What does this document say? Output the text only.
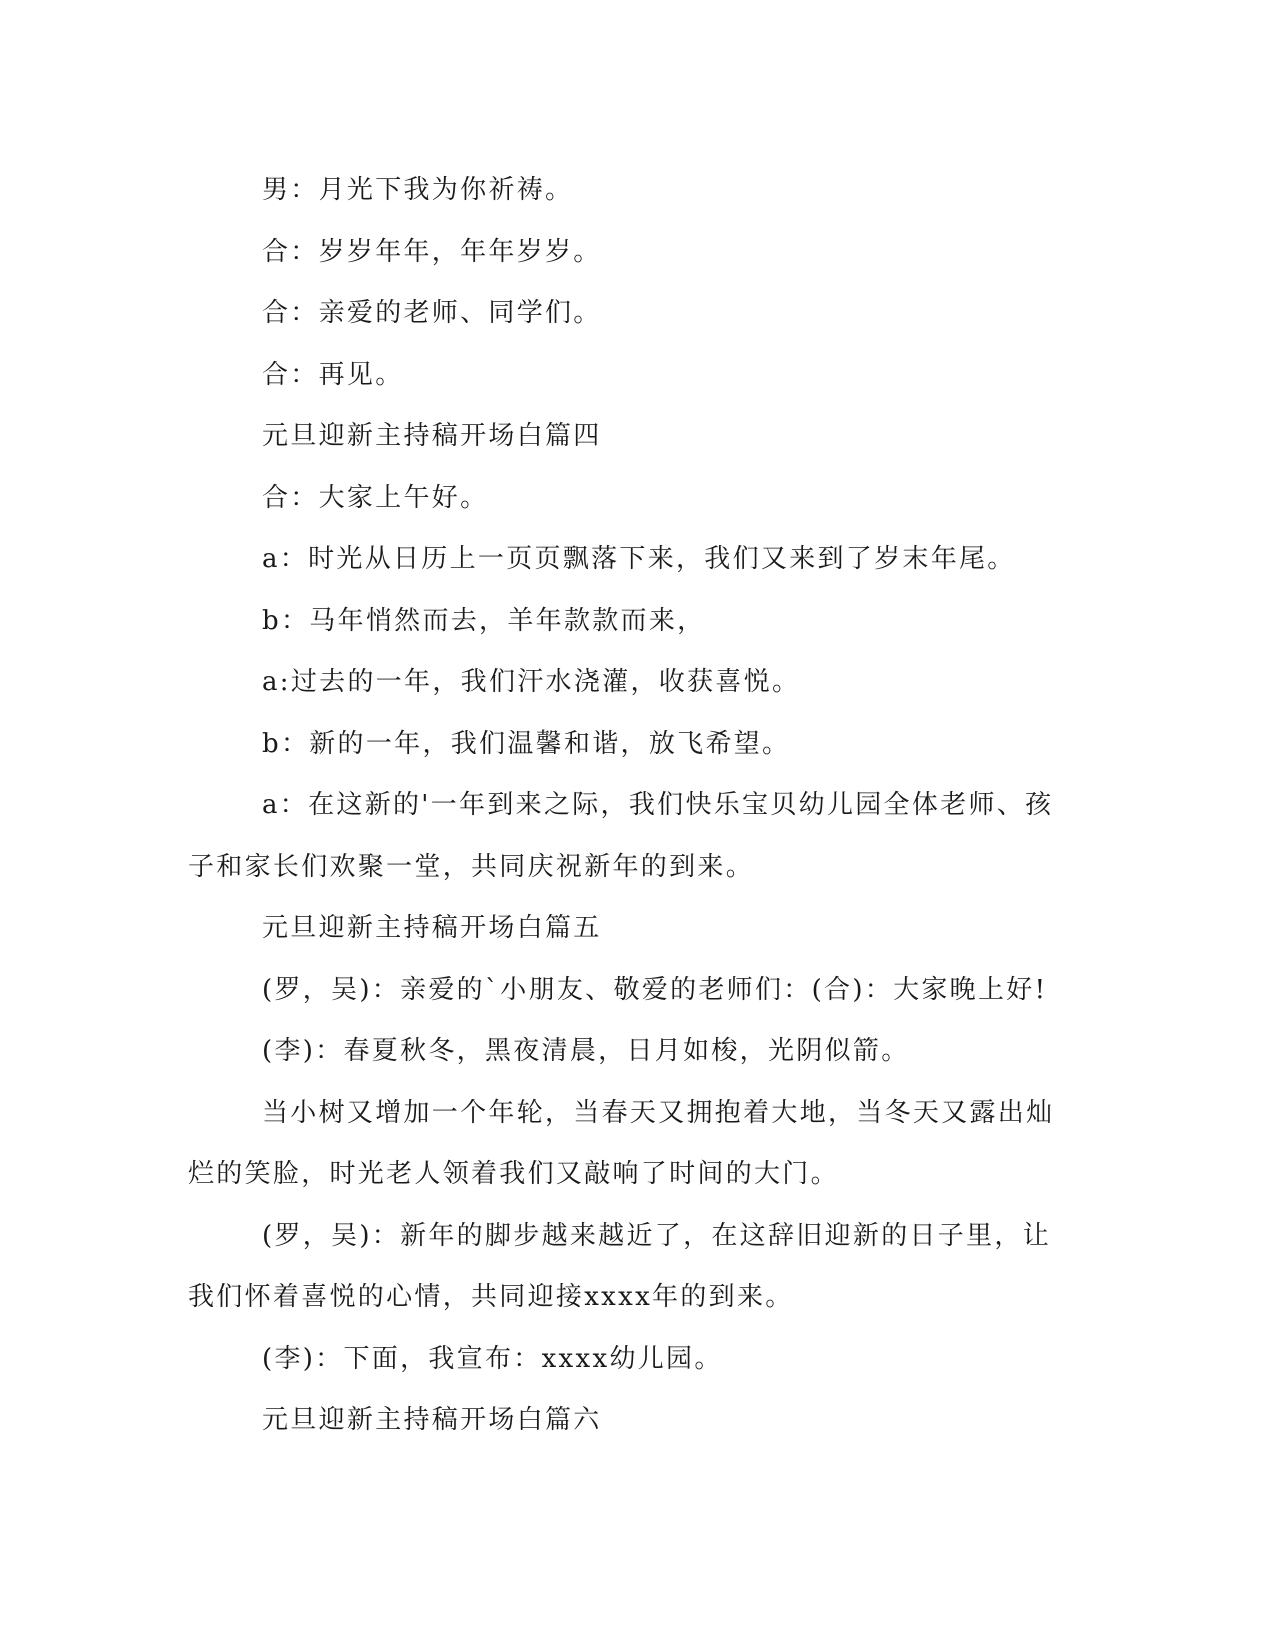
男：月光下我为你祈祷。
合：岁岁年年，年年岁岁。
合：亲爱的老师、同学们。
合：再见。
元旦迎新主持稿开场白篇四
合：大家上午好。
a：时光从日历上一页页飘落下来，我们又来到了岁末年尾。
b：马年悄然而去，羊年款款而来，
a:过去的一年，我们汗水浇灌，收获喜悦。
b：新的一年，我们温馨和谐，放飞希望。
a：在这新的'一年到来之际，我们快乐宝贝幼儿园全体老师、孩
子和家长们欢聚一堂，共同庆祝新年的到来。
元旦迎新主持稿开场白篇五
(罗，吴)：亲爱的`小朋友、敬爱的老师们：(合)：大家晚上好!
(李)：春夏秋冬，黑夜清晨，日月如梭，光阴似箭。
当小树又增加一个年轮，当春天又拥抱着大地，当冬天又露出灿
烂的笑脸，时光老人领着我们又敲响了时间的大门。
(罗，吴)：新年的脚步越来越近了，在这辞旧迎新的日子里，让
我们怀着喜悦的心情，共同迎接xxxx年的到来。
(李)：下面，我宣布：xxxx幼儿园。
元旦迎新主持稿开场白篇六
